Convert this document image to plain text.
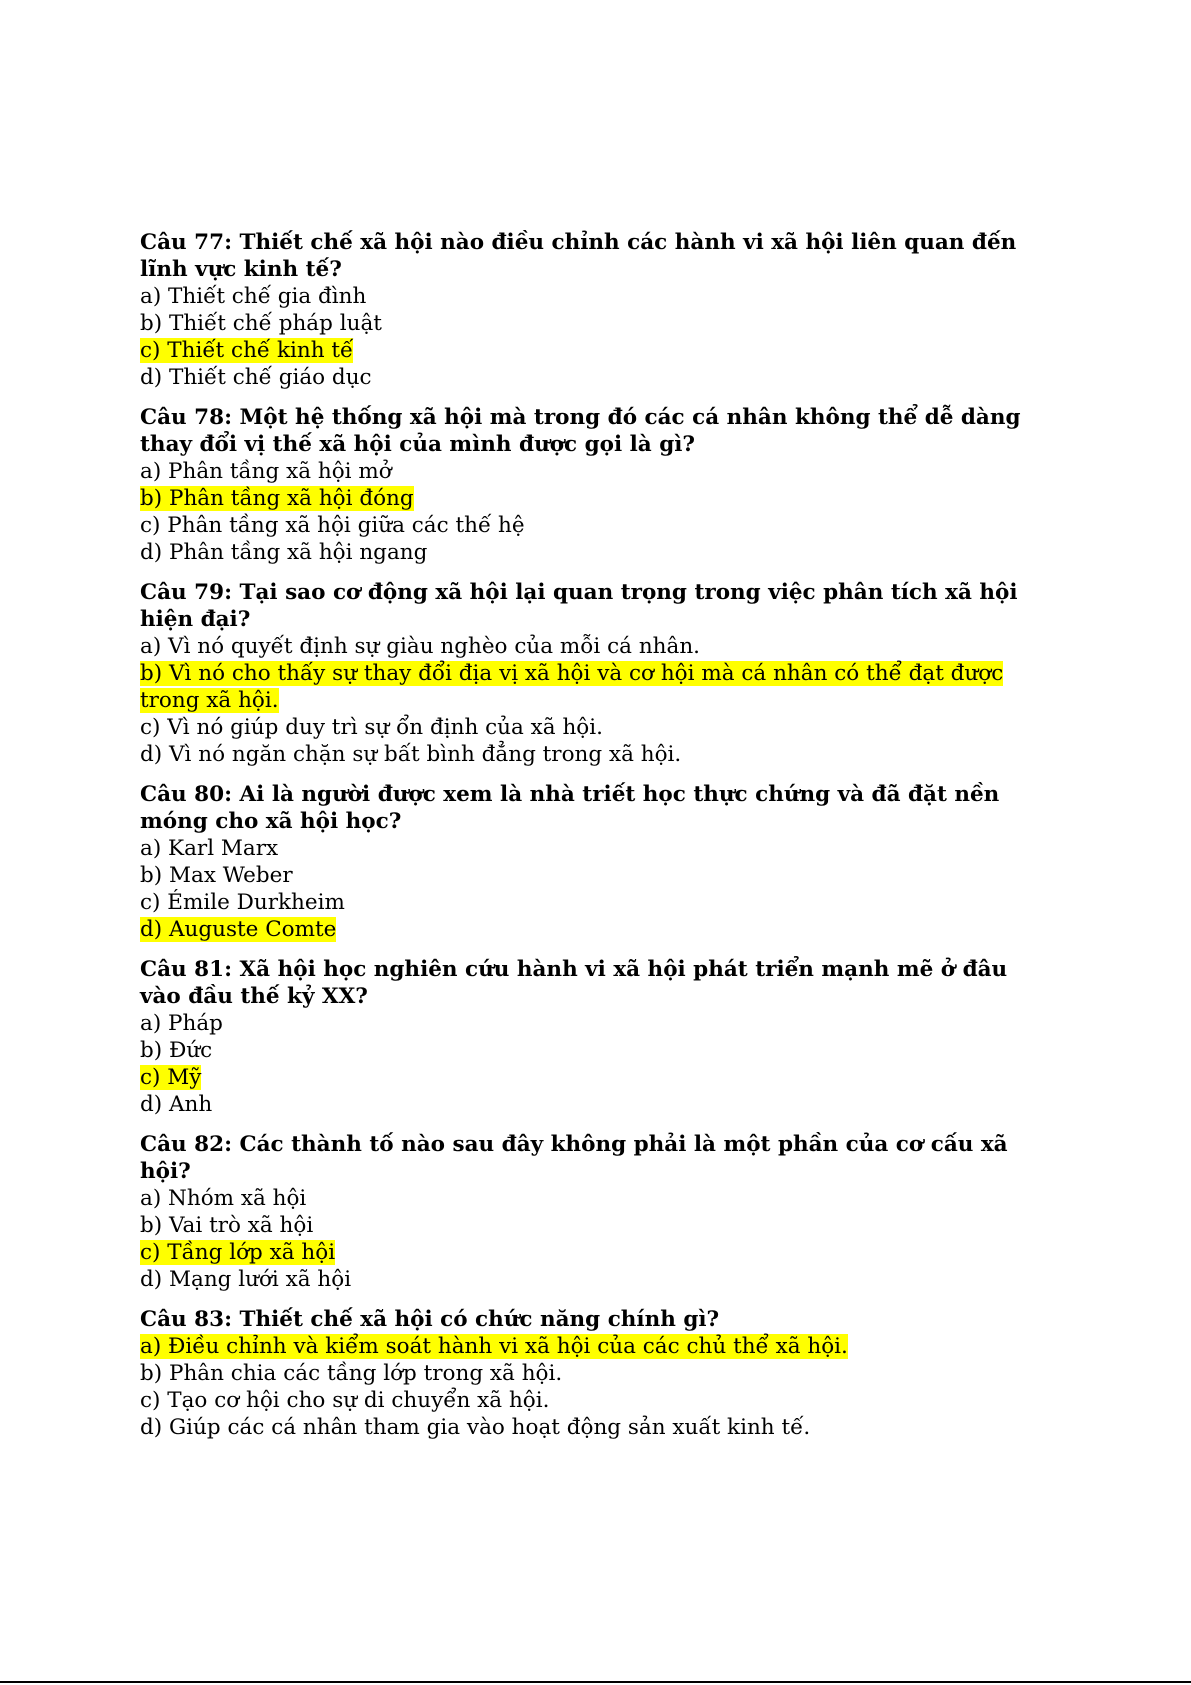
Câu 77: Thiết chế xã hội nào điều chỉnh các hành vi xã hội liên quan đến lĩnh vực kinh tế?

a) Thiết chế gia đình

b) Thiết chế pháp luật

c) Thiết chế kinh tế

d) Thiết chế giáo dục

Câu 78: Một hệ thống xã hội mà trong đó các cá nhân không thể dễ dàng thay đổi vị thế xã hội của mình được gọi là gì?

a) Phân tầng xã hội mở

b) Phân tầng xã hội đóng

c) Phân tầng xã hội giữa các thế hệ

d) Phân tầng xã hội ngang

Câu 79: Tại sao cơ động xã hội lại quan trọng trong việc phân tích xã hội hiện đại?

a) Vì nó quyết định sự giàu nghèo của mỗi cá nhân.

b) Vì nó cho thấy sự thay đổi địa vị xã hội và cơ hội mà cá nhân có thể đạt được trong xã hội.

c) Vì nó giúp duy trì sự ổn định của xã hội.

d) Vì nó ngăn chặn sự bất bình đẳng trong xã hội.

Câu 80: Ai là người được xem là nhà triết học thực chứng và đã đặt nền móng cho xã hội học?

a) Karl Marx

b) Max Weber

c) Émile Durkheim

d) Auguste Comte

Câu 81: Xã hội học nghiên cứu hành vi xã hội phát triển mạnh mẽ ở đâu vào đầu thế kỷ XX?

a) Pháp

b) Đức

c) Mỹ

d) Anh

Câu 82: Các thành tố nào sau đây không phải là một phần của cơ cấu xã hội?

a) Nhóm xã hội

b) Vai trò xã hội

c) Tầng lớp xã hội

d) Mạng lưới xã hội

Câu 83: Thiết chế xã hội có chức năng chính gì?

a) Điều chỉnh và kiểm soát hành vi xã hội của các chủ thể xã hội.

b) Phân chia các tầng lớp trong xã hội.

c) Tạo cơ hội cho sự di chuyển xã hội.

d) Giúp các cá nhân tham gia vào hoạt động sản xuất kinh tế.
